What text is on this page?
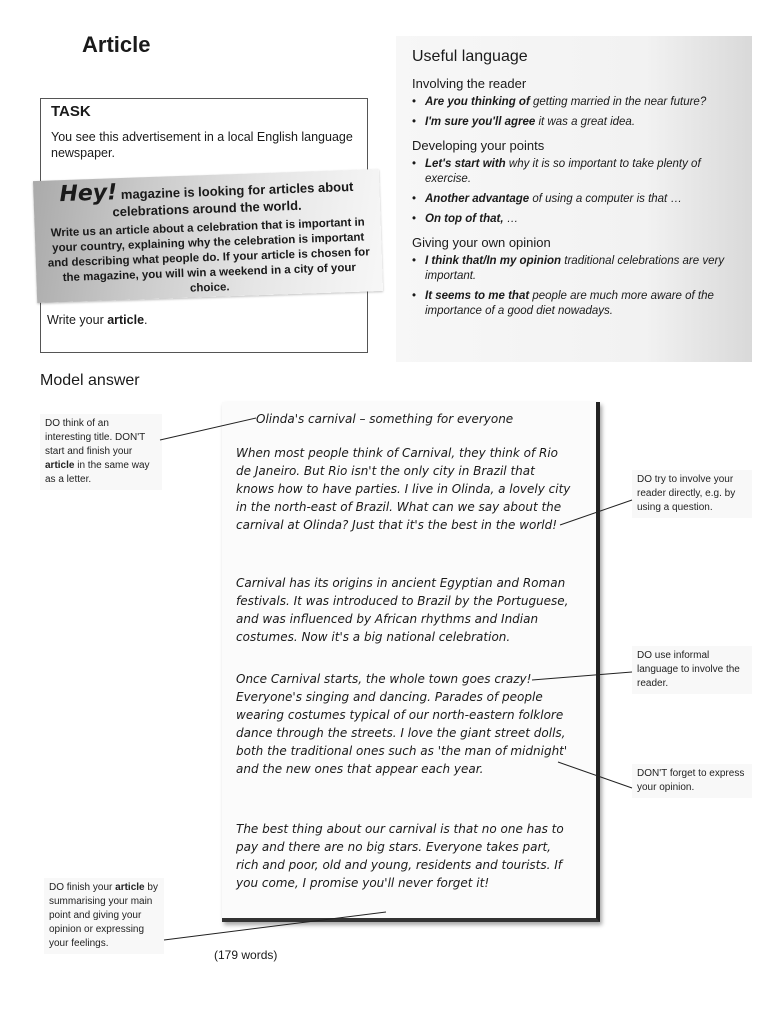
Article
TASK
You see this advertisement in a local English language newspaper.
Hey! magazine is looking for articles about celebrations around the world.
Write us an article about a celebration that is important in your country, explaining why the celebration is important and describing what people do. If your article is chosen for the magazine, you will win a weekend in a city of your choice.
Write your article.
Useful language
Involving the reader
• Are you thinking of getting married in the near future?
• I'm sure you'll agree it was a great idea.
Developing your points
• Let's start with why it is so important to take plenty of exercise.
• Another advantage of using a computer is that …
• On top of that, …
Giving your own opinion
• I think that/In my opinion traditional celebrations are very important.
• It seems to me that people are much more aware of the importance of a good diet nowadays.
Model answer
Olinda's carnival – something for everyone
When most people think of Carnival, they think of Rio de Janeiro. But Rio isn't the only city in Brazil that knows how to have parties. I live in Olinda, a lovely city in the north-east of Brazil. What can we say about the carnival at Olinda? Just that it's the best in the world!
Carnival has its origins in ancient Egyptian and Roman festivals. It was introduced to Brazil by the Portuguese, and was influenced by African rhythms and Indian costumes. Now it's a big national celebration.
Once Carnival starts, the whole town goes crazy! Everyone's singing and dancing. Parades of people wearing costumes typical of our north-eastern folklore dance through the streets. I love the giant street dolls, both the traditional ones such as 'the man of midnight' and the new ones that appear each year.
The best thing about our carnival is that no one has to pay and there are no big stars. Everyone takes part, rich and poor, old and young, residents and tourists. If you come, I promise you'll never forget it!
DO think of an interesting title. DON'T start and finish your article in the same way as a letter.	DO try to involve your reader directly, e.g. by using a question.
DO use informal language to involve the reader.
DON'T forget to express your opinion.
DO finish your article by summarising your main point and giving your opinion or expressing your feelings.
(179 words)
